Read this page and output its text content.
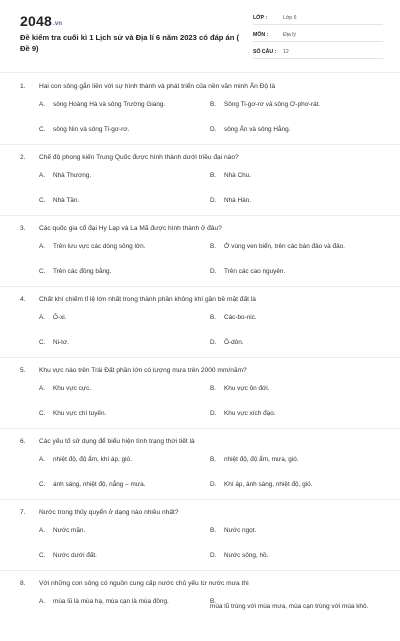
2048.vn
Đề kiểm tra cuối kì 1 Lịch sử và Địa lí 6 năm 2023 có đáp án ( Đề 9)
LỚP :	Lớp 6
MÔN :	Địa lý
SỐ CÂU :	12
1. Hai con sông gắn liền với sự hình thành và phát triển của nền văn minh Ấn Độ là
A. sông Hoàng Hà và sông Trường Giang.	B. Sông Ti-gơ-rơ và sông Ơ-phơ-rát.
C. sông Nin và sông Ti-gơ-rơ.	D. sông Ấn và sông Hằng.
2. Chế độ phong kiến Trung Quốc được hình thành dưới triều đại nào?
A. Nhà Thương.	B. Nhà Chu.
C. Nhà Tần.	D. Nhà Hán.
3. Các quốc gia cổ đại Hy Lạp và La Mã được hình thành ở đâu?
A. Trên lưu vực các dòng sông lớn.	B. Ở vùng ven biển, trên các bán đảo và đảo.
C. Trên các đồng bằng.	D. Trên các cao nguyên.
4. Chất khí chiếm tỉ lệ lớn nhất trong thành phần không khí gần bề mặt đất là
A. Ô-xi.	B. Các-bo-nic.
C. Ni-tơ.	D. Ô-dôn.
5. Khu vực nào trên Trái Đất phần lớn có lượng mưa trên 2000 mm/năm?
A. Khu vực cực.	B. Khu vực ôn đới.
C. Khu vực chí tuyến.	D. Khu vực xích đạo.
6. Các yếu tố sử dụng để biểu hiện tình trạng thời tiết là
A. nhiệt độ, độ ẩm, khí áp, gió.	B. nhiệt độ, độ ẩm, mưa, gió.
C. ánh sáng, nhiệt độ, nắng – mưa.	D. Khí áp, ánh sáng, nhiệt độ, gió.
7. Nước trong thủy quyển ở dạng nào nhiều nhất?
A. Nước mặn.	B. Nước ngọt.
C. Nước dưới đất.	D. Nước sông, hồ.
8. Với những con sông có nguồn cung cấp nước chủ yếu từ nước mưa thì
A. mùa lũ là mùa hạ, mùa cạn là mùa đông.	B.mùa lũ trùng với mùa mưa, mùa cạn trùng với mùa khô.
